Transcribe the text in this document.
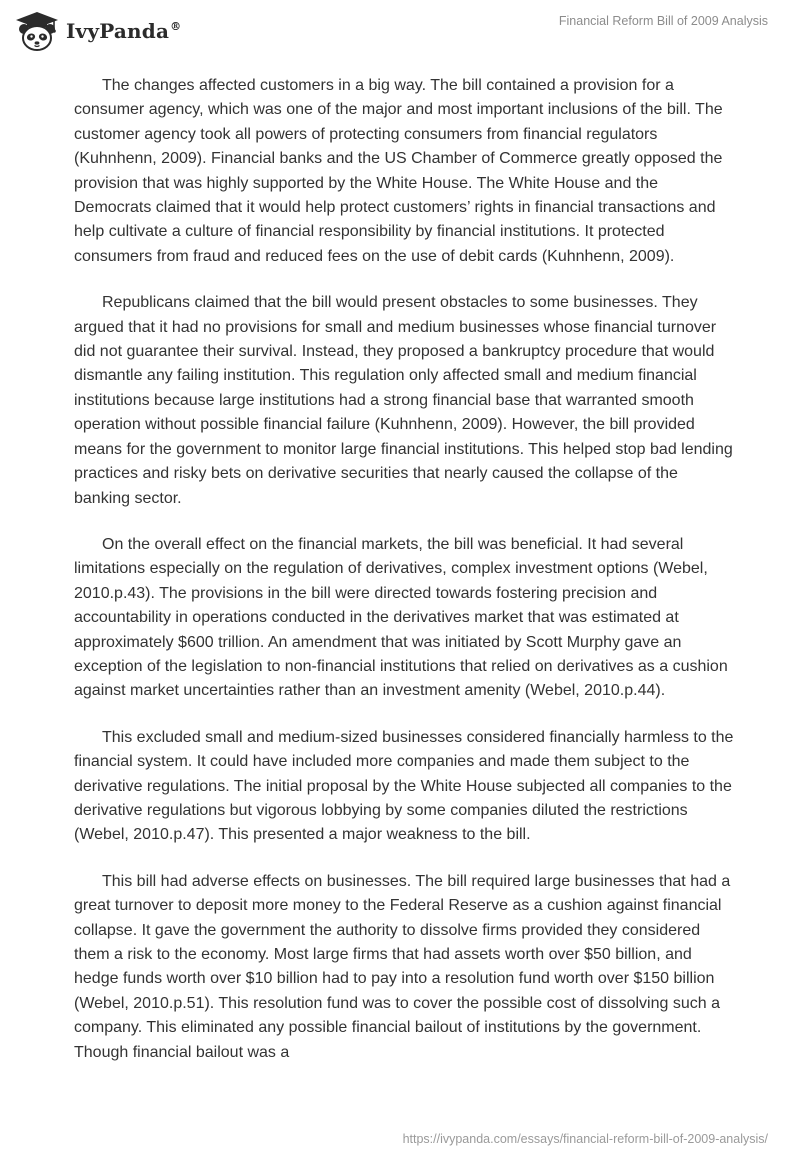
IvyPanda®	Financial Reform Bill of 2009 Analysis

The changes affected customers in a big way. The bill contained a provision for a consumer agency, which was one of the major and most important inclusions of the bill. The customer agency took all powers of protecting consumers from financial regulators (Kuhnhenn, 2009). Financial banks and the US Chamber of Commerce greatly opposed the provision that was highly supported by the White House. The White House and the Democrats claimed that it would help protect customers’ rights in financial transactions and help cultivate a culture of financial responsibility by financial institutions. It protected consumers from fraud and reduced fees on the use of debit cards (Kuhnhenn, 2009).

Republicans claimed that the bill would present obstacles to some businesses. They argued that it had no provisions for small and medium businesses whose financial turnover did not guarantee their survival. Instead, they proposed a bankruptcy procedure that would dismantle any failing institution. This regulation only affected small and medium financial institutions because large institutions had a strong financial base that warranted smooth operation without possible financial failure (Kuhnhenn, 2009). However, the bill provided means for the government to monitor large financial institutions. This helped stop bad lending practices and risky bets on derivative securities that nearly caused the collapse of the banking sector.

On the overall effect on the financial markets, the bill was beneficial. It had several limitations especially on the regulation of derivatives, complex investment options (Webel, 2010.p.43). The provisions in the bill were directed towards fostering precision and accountability in operations conducted in the derivatives market that was estimated at approximately $600 trillion. An amendment that was initiated by Scott Murphy gave an exception of the legislation to non-financial institutions that relied on derivatives as a cushion against market uncertainties rather than an investment amenity (Webel, 2010.p.44).

This excluded small and medium-sized businesses considered financially harmless to the financial system. It could have included more companies and made them subject to the derivative regulations. The initial proposal by the White House subjected all companies to the derivative regulations but vigorous lobbying by some companies diluted the restrictions (Webel, 2010.p.47). This presented a major weakness to the bill.

This bill had adverse effects on businesses. The bill required large businesses that had a great turnover to deposit more money to the Federal Reserve as a cushion against financial collapse. It gave the government the authority to dissolve firms provided they considered them a risk to the economy. Most large firms that had assets worth over $50 billion, and hedge funds worth over $10 billion had to pay into a resolution fund worth over $150 billion (Webel, 2010.p.51). This resolution fund was to cover the possible cost of dissolving such a company. This eliminated any possible financial bailout of institutions by the government. Though financial bailout was a

https://ivypanda.com/essays/financial-reform-bill-of-2009-analysis/
